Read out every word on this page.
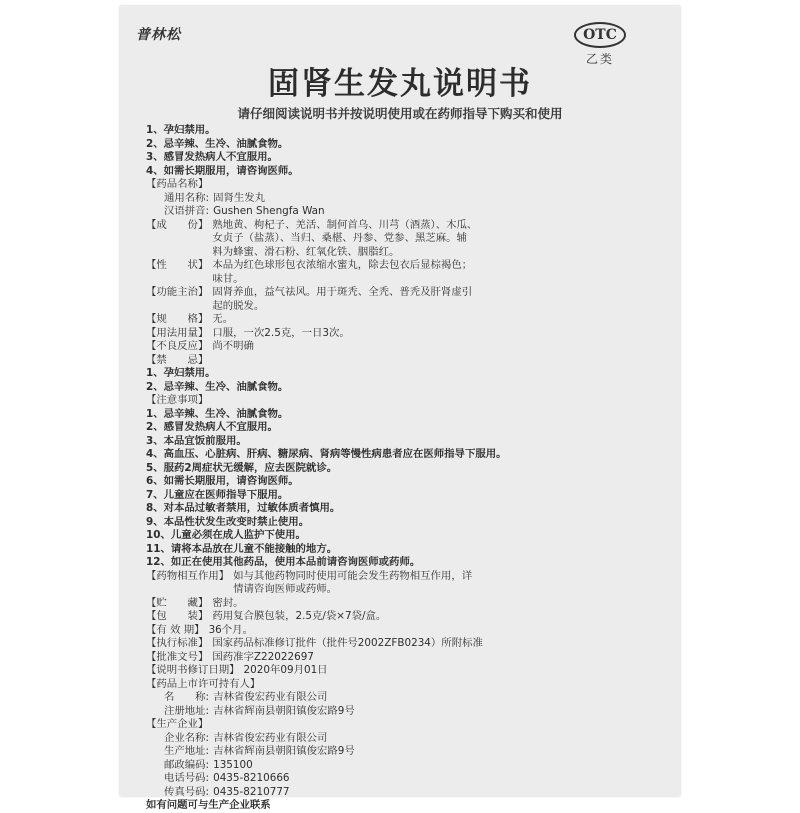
普林松	OTC
乙类
固肾生发丸说明书
请仔细阅读说明书并按说明使用或在药师指导下购买和使用
1、孕妇禁用。
2、忌辛辣、生冷、油腻食物。
3、感冒发热病人不宜服用。
4、如需长期服用，请咨询医师。
【药品名称】
通用名称: 固肾生发丸
汉语拼音: Gushen Shengfa Wan
【成　　份】 熟地黄、枸杞子、羌活、制何首乌、川芎（酒蒸）、木瓜、
女贞子（盐蒸）、当归、桑椹、丹参、党参、黑芝麻。辅
料为蜂蜜、滑石粉、红氧化铁、胭脂红。
【性　　状】 本品为红色球形包衣浓缩水蜜丸，除去包衣后显棕褐色；
味甘。
【功能主治】 固肾养血，益气祛风。用于斑秃、全秃、普秃及肝肾虚引
起的脱发。
【规　　格】 无。
【用法用量】 口服，一次2.5克，一日3次。
【不良反应】 尚不明确
【禁　　忌】
1、孕妇禁用。
2、忌辛辣、生冷、油腻食物。
【注意事项】
1、忌辛辣、生冷、油腻食物。
2、感冒发热病人不宜服用。
3、本品宜饭前服用。
4、高血压、心脏病、肝病、糖尿病、肾病等慢性病患者应在医师指导下服用。
5、服药2周症状无缓解，应去医院就诊。
6、如需长期服用，请咨询医师。
7、儿童应在医师指导下服用。
8、对本品过敏者禁用，过敏体质者慎用。
9、本品性状发生改变时禁止使用。
10、儿童必须在成人监护下使用。
11、请将本品放在儿童不能接触的地方。
12、如正在使用其他药品，使用本品前请咨询医师或药师。
【药物相互作用】 如与其他药物同时使用可能会发生药物相互作用，详
情请咨询医师或药师。
【贮　　藏】 密封。
【包　　装】 药用复合膜包装，2.5克/袋×7袋/盒。
【有 效 期】 36个月。
【执行标准】 国家药品标准修订批件（批件号2002ZFB0234）所附标准
【批准文号】 国药准字Z22022697
【说明书修订日期】 2020年09月01日
【药品上市许可持有人】
名　　称: 吉林省俊宏药业有限公司
注册地址: 吉林省辉南县朝阳镇俊宏路9号
【生产企业】
企业名称: 吉林省俊宏药业有限公司
生产地址: 吉林省辉南县朝阳镇俊宏路9号
邮政编码: 135100
电话号码: 0435-8210666
传真号码: 0435-8210777
如有问题可与生产企业联系
